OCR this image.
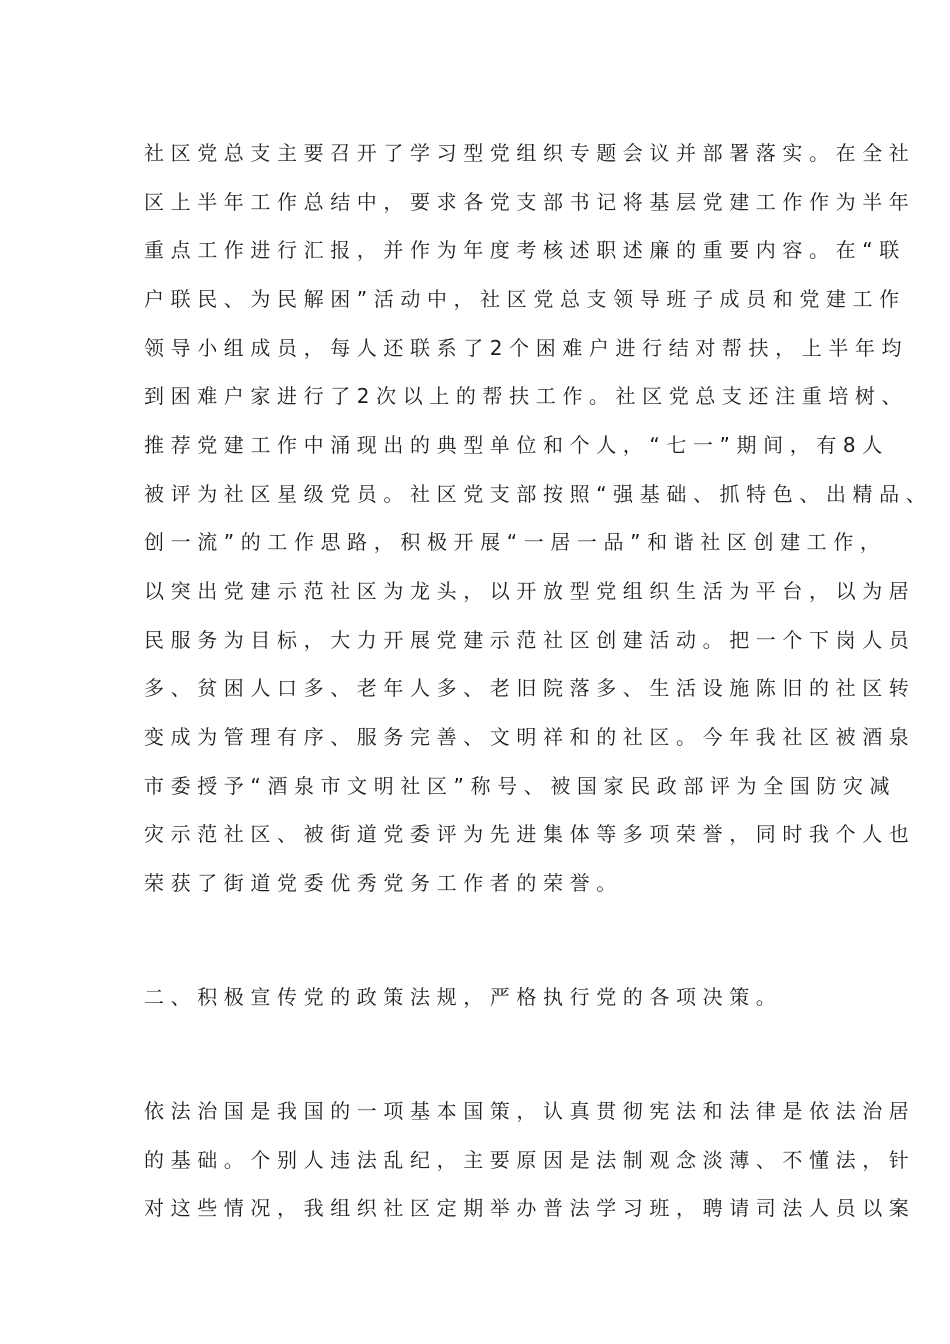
社区党总支主要召开了学习型党组织专题会议并部署落实。在全社
区上半年工作总结中，要求各党支部书记将基层党建工作作为半年
重点工作进行汇报，并作为年度考核述职述廉的重要内容。在“联
户联民、为民解困”活动中，社区党总支领导班子成员和党建工作
领导小组成员，每人还联系了2个困难户进行结对帮扶，上半年均
到困难户家进行了2次以上的帮扶工作。社区党总支还注重培树、
推荐党建工作中涌现出的典型单位和个人，“七一”期间，有8人
被评为社区星级党员。社区党支部按照“强基础、抓特色、出精品、
创一流”的工作思路，积极开展“一居一品”和谐社区创建工作，
以突出党建示范社区为龙头，以开放型党组织生活为平台，以为居
民服务为目标，大力开展党建示范社区创建活动。把一个下岗人员
多、贫困人口多、老年人多、老旧院落多、生活设施陈旧的社区转
变成为管理有序、服务完善、文明祥和的社区。今年我社区被酒泉
市委授予“酒泉市文明社区”称号、被国家民政部评为全国防灾减
灾示范社区、被街道党委评为先进集体等多项荣誉，同时我个人也
荣获了街道党委优秀党务工作者的荣誉。
二、积极宣传党的政策法规，严格执行党的各项决策。
依法治国是我国的一项基本国策，认真贯彻宪法和法律是依法治居
的基础。个别人违法乱纪，主要原因是法制观念淡薄、不懂法，针
对这些情况，我组织社区定期举办普法学习班，聘请司法人员以案
